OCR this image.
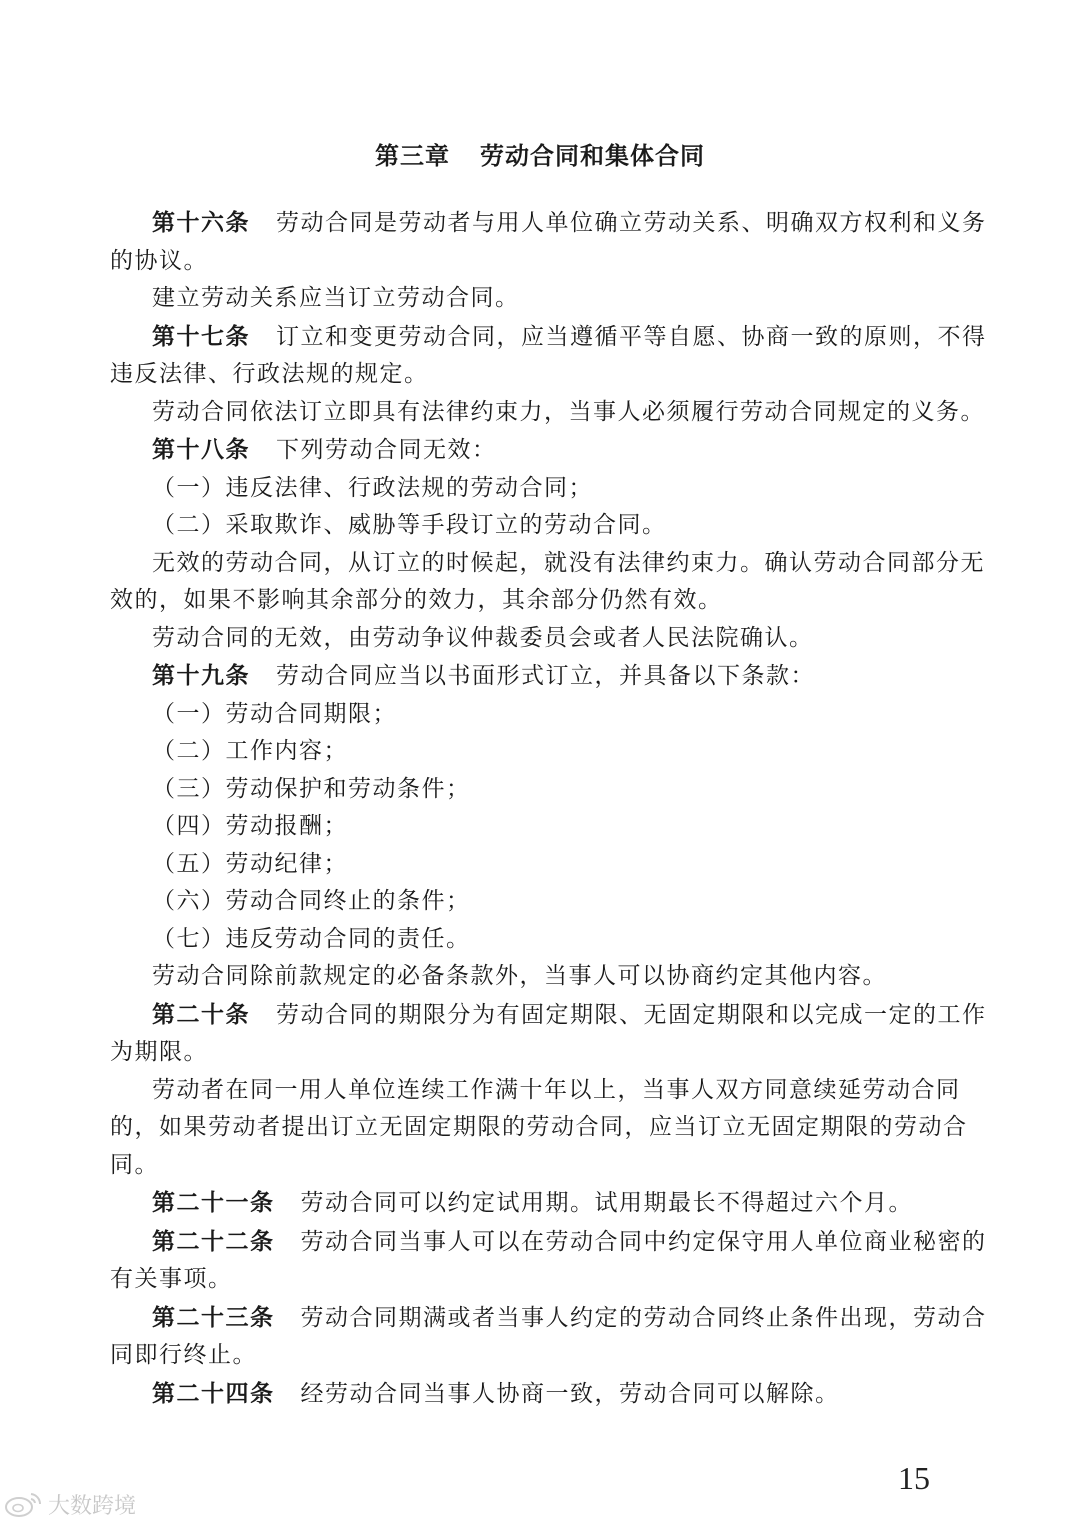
第三章 劳动合同和集体合同

第十六条 劳动合同是劳动者与用人单位确立劳动关系、明确双方权利和义务的协议。

建立劳动关系应当订立劳动合同。

第十七条 订立和变更劳动合同，应当遵循平等自愿、协商一致的原则，不得违反法律、行政法规的规定。

劳动合同依法订立即具有法律约束力，当事人必须履行劳动合同规定的义务。

第十八条 下列劳动合同无效：

（一）违反法律、行政法规的劳动合同；

（二）采取欺诈、威胁等手段订立的劳动合同。

无效的劳动合同，从订立的时候起，就没有法律约束力。确认劳动合同部分无效的，如果不影响其余部分的效力，其余部分仍然有效。

劳动合同的无效，由劳动争议仲裁委员会或者人民法院确认。

第十九条 劳动合同应当以书面形式订立，并具备以下条款：

（一）劳动合同期限；

（二）工作内容；

（三）劳动保护和劳动条件；

（四）劳动报酬；

（五）劳动纪律；

（六）劳动合同终止的条件；

（七）违反劳动合同的责任。

劳动合同除前款规定的必备条款外，当事人可以协商约定其他内容。

第二十条 劳动合同的期限分为有固定期限、无固定期限和以完成一定的工作为期限。

劳动者在同一用人单位连续工作满十年以上，当事人双方同意续延劳动合同的，如果劳动者提出订立无固定期限的劳动合同，应当订立无固定期限的劳动合同。

第二十一条 劳动合同可以约定试用期。试用期最长不得超过六个月。

第二十二条 劳动合同当事人可以在劳动合同中约定保守用人单位商业秘密的有关事项。

第二十三条 劳动合同期满或者当事人约定的劳动合同终止条件出现，劳动合同即行终止。

第二十四条 经劳动合同当事人协商一致，劳动合同可以解除。

15
大数跨境
